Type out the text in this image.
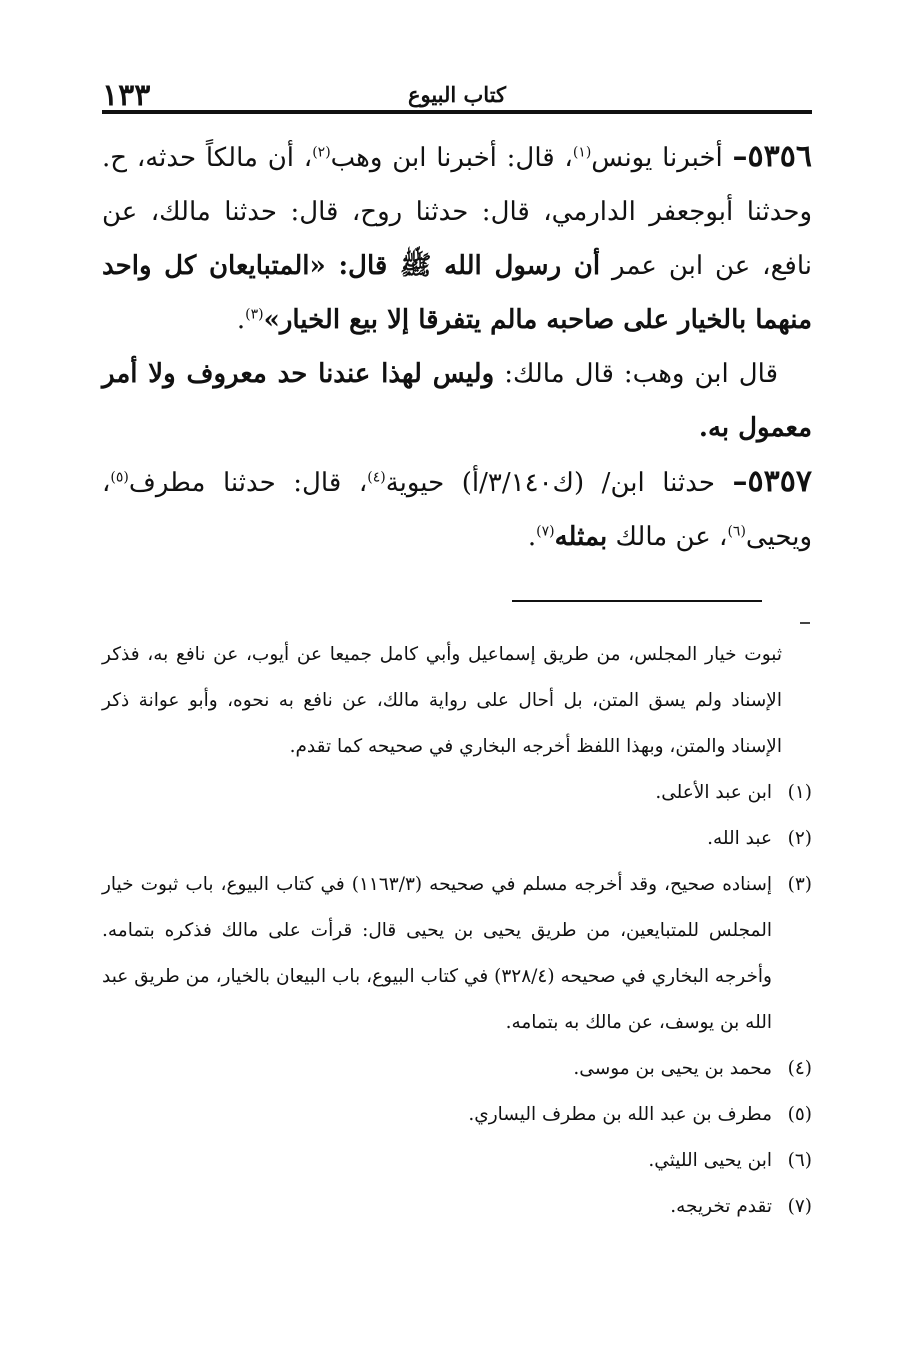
١٣٣	كتاب البيوع

٥٣٥٦– أخبرنا يونس$^{(١)}$، قال: أخبرنا ابن وهب$^{(٢)}$، أن مالكاً حدثه، ح. وحدثنا أبوجعفر الدارمي، قال: حدثنا روح، قال: حدثنا مالك، عن نافع، عن ابن عمر أن رسول الله ﷺ قال: «المتبايعان كل واحد منهما بالخيار على صاحبه مالم يتفرقا إلا بيع الخيار»$^{(٣)}$.

قال ابن وهب: قال مالك: وليس لهذا عندنا حد معروف ولا أمر معمول به.

٥٣٥٧– حدثنا ابن/ (ك٣/١٤٠/أ) حيوية$^{(٤)}$، قال: حدثنا مطرف$^{(٥)}$، ويحيى$^{(٦)}$، عن مالك بمثله$^{(٧)}$.

ثبوت خيار المجلس، من طريق إسماعيل وأبي كامل جميعا عن أيوب، عن نافع به، فذكر الإسناد ولم يسق المتن، بل أحال على رواية مالك، عن نافع به نحوه، وأبو عوانة ذكر الإسناد والمتن، وبهذا اللفظ أخرجه البخاري في صحيحه كما تقدم.

(١)ابن عبد الأعلى.

(٢)عبد الله.

(٣)إسناده صحيح، وقد أخرجه مسلم في صحيحه (١١٦٣/٣) في كتاب البيوع، باب ثبوت خيار المجلس للمتبايعين، من طريق يحيى بن يحيى قال: قرأت على مالك فذكره بتمامه. وأخرجه البخاري في صحيحه (٣٢٨/٤) في كتاب البيوع، باب البيعان بالخيار، من طريق عبد الله بن يوسف، عن مالك به بتمامه.

(٤)محمد بن يحيى بن موسى.

(٥)مطرف بن عبد الله بن مطرف اليساري.

(٦)ابن يحيى الليثي.

(٧)تقدم تخريجه.
